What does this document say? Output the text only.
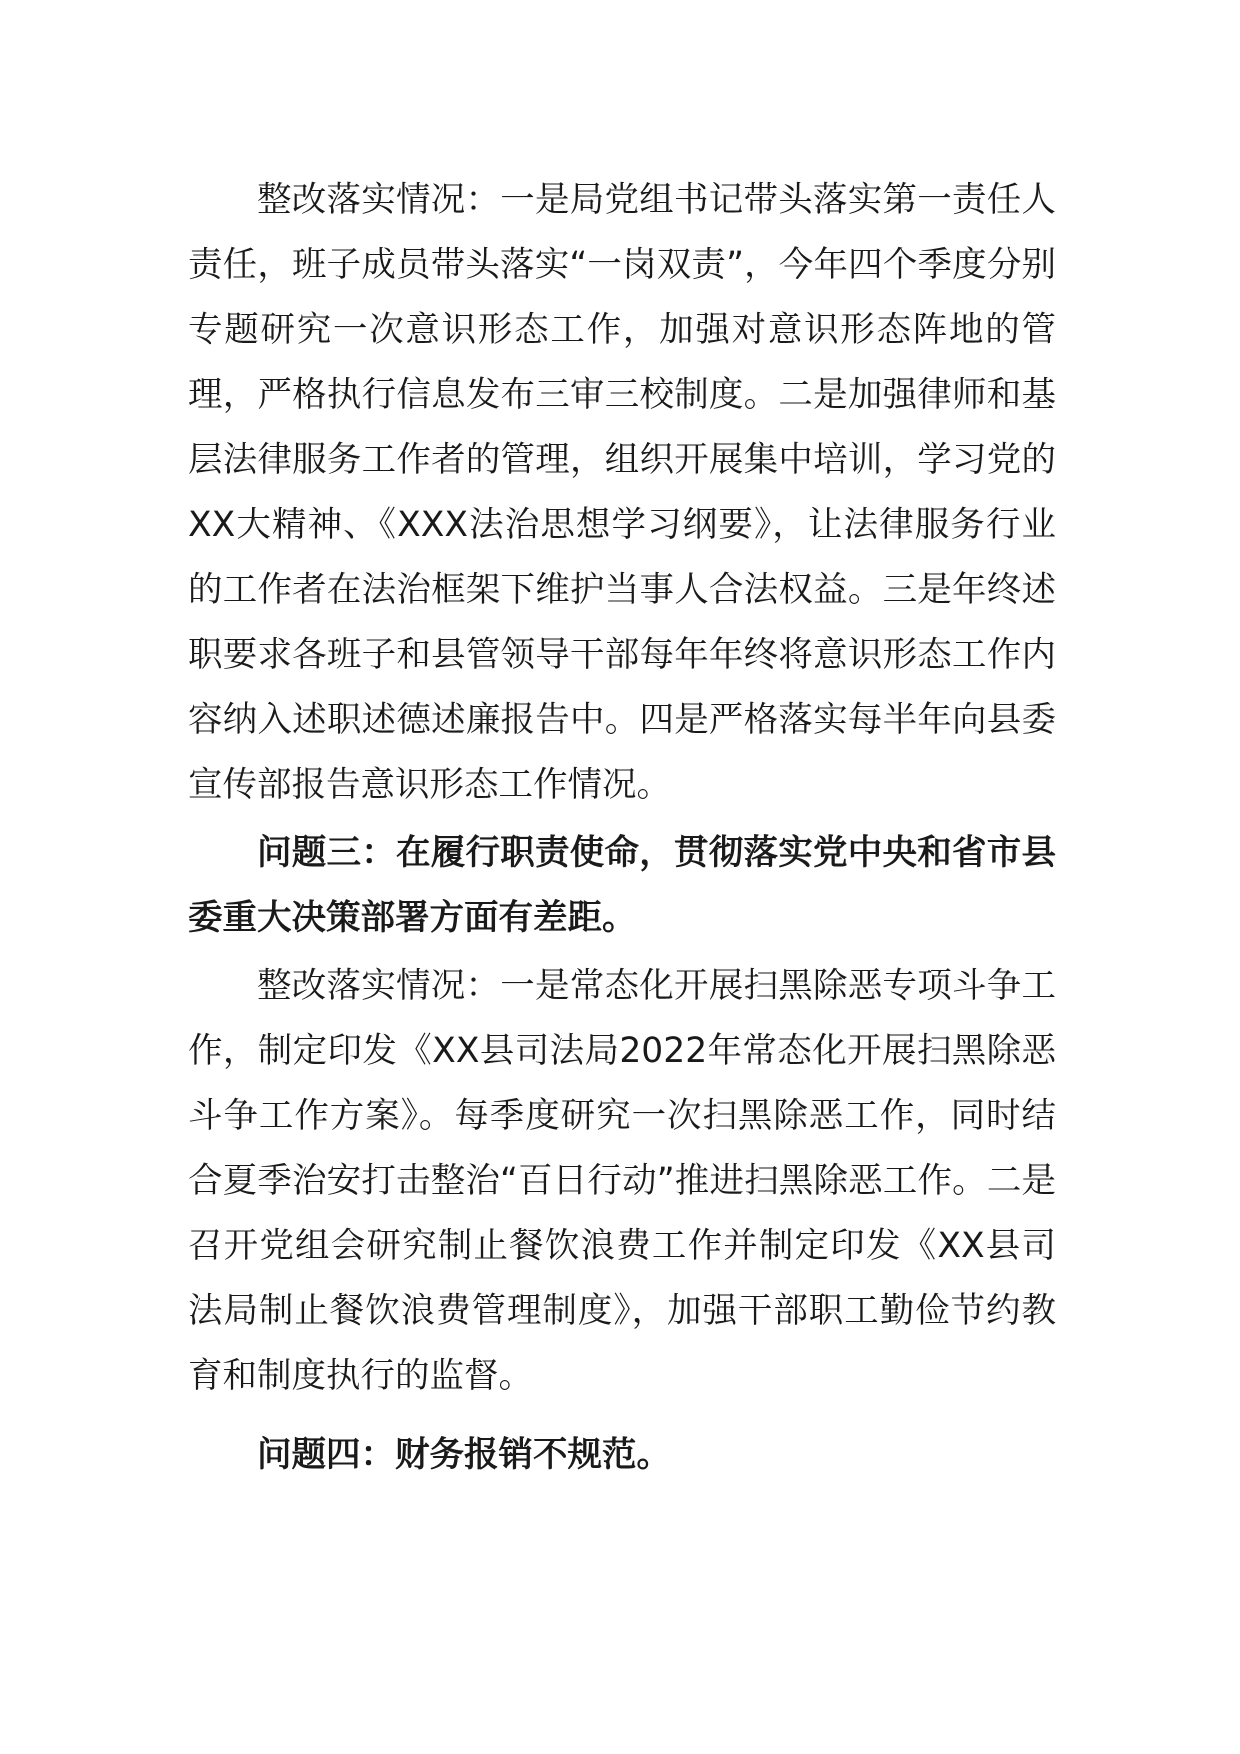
整改落实情况：一是局党组书记带头落实第一责任人责任，班子成员带头落实“一岗双责”，今年四个季度分别专题研究一次意识形态工作，加强对意识形态阵地的管理，严格执行信息发布三审三校制度。二是加强律师和基层法律服务工作者的管理，组织开展集中培训，学习党的XX大精神、《XXX法治思想学习纲要》，让法律服务行业的工作者在法治框架下维护当事人合法权益。三是年终述职要求各班子和县管领导干部每年年终将意识形态工作内容纳入述职述德述廉报告中。四是严格落实每半年向县委宣传部报告意识形态工作情况。

问题三：在履行职责使命，贯彻落实党中央和省市县委重大决策部署方面有差距。

整改落实情况：一是常态化开展扫黑除恶专项斗争工作，制定印发《XX县司法局2022年常态化开展扫黑除恶斗争工作方案》。每季度研究一次扫黑除恶工作，同时结合夏季治安打击整治“百日行动”推进扫黑除恶工作。二是召开党组会研究制止餐饮浪费工作并制定印发《XX县司法局制止餐饮浪费管理制度》，加强干部职工勤俭节约教育和制度执行的监督。

问题四：财务报销不规范。
